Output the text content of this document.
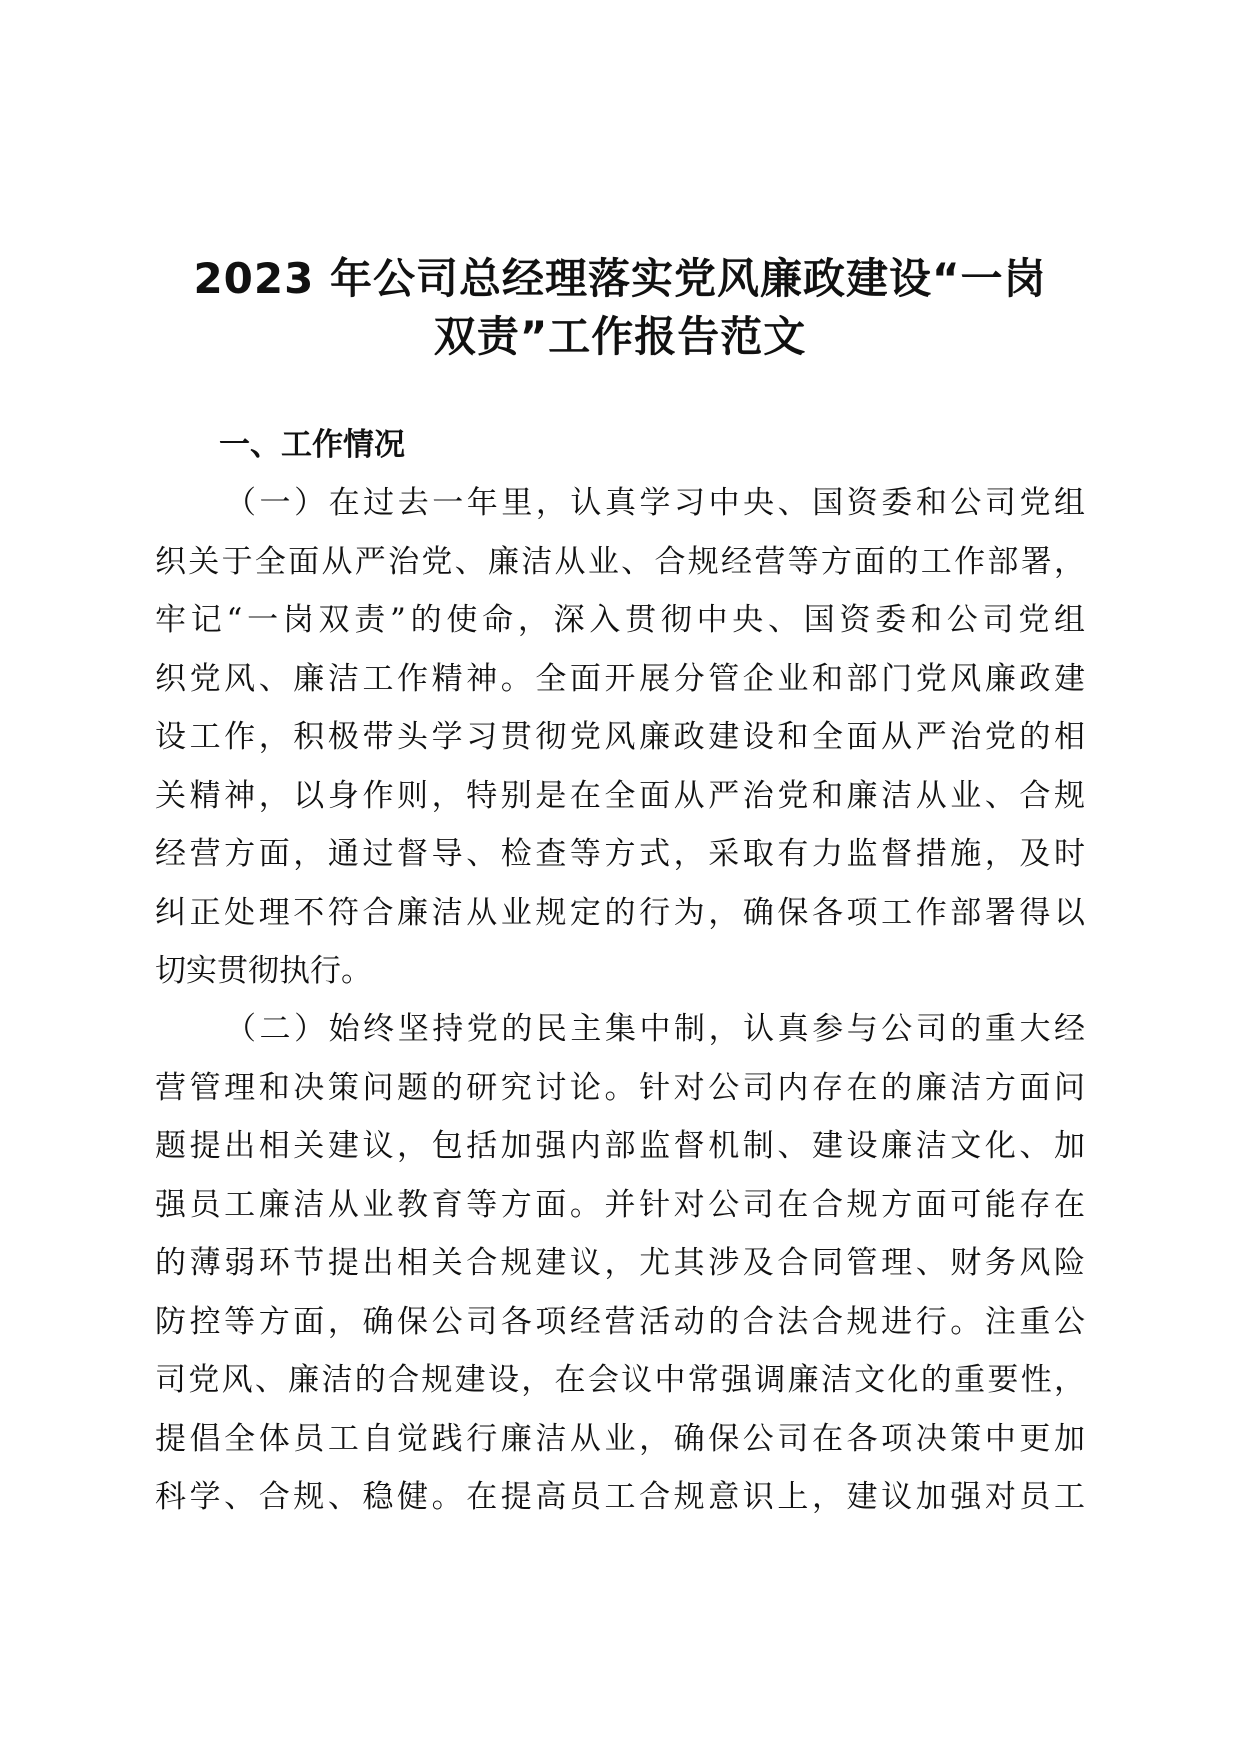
2023 年公司总经理落实党风廉政建设“一岗
双责”工作报告范文
一、工作情况
（一）在过去一年里，认真学习中央、国资委和公司党组
织关于全面从严治党、廉洁从业、合规经营等方面的工作部署，
牢记“一岗双责”的使命，深入贯彻中央、国资委和公司党组
织党风、廉洁工作精神。全面开展分管企业和部门党风廉政建
设工作，积极带头学习贯彻党风廉政建设和全面从严治党的相
关精神，以身作则，特别是在全面从严治党和廉洁从业、合规
经营方面，通过督导、检查等方式，采取有力监督措施，及时
纠正处理不符合廉洁从业规定的行为，确保各项工作部署得以
切实贯彻执行。
（二）始终坚持党的民主集中制，认真参与公司的重大经
营管理和决策问题的研究讨论。针对公司内存在的廉洁方面问
题提出相关建议，包括加强内部监督机制、建设廉洁文化、加
强员工廉洁从业教育等方面。并针对公司在合规方面可能存在
的薄弱环节提出相关合规建议，尤其涉及合同管理、财务风险
防控等方面，确保公司各项经营活动的合法合规进行。注重公
司党风、廉洁的合规建设，在会议中常强调廉洁文化的重要性，
提倡全体员工自觉践行廉洁从业，确保公司在各项决策中更加
科学、合规、稳健。在提高员工合规意识上，建议加强对员工
